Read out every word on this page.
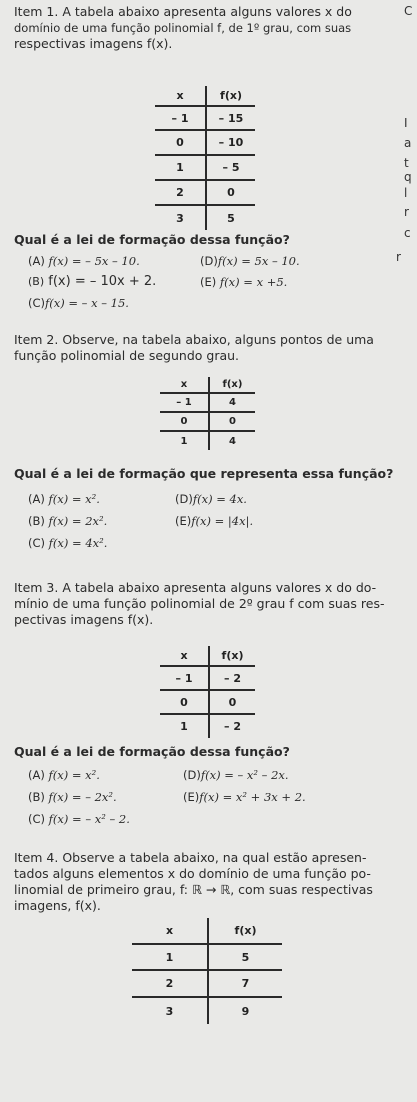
Item 1. A tabela abaixo apresenta alguns valores x do
domínio de uma função polinomial f, de 1º grau, com suas
respectivas imagens f(x).
x	f(x)
– 1	– 15
0	– 10
1	– 5
2	0
3	5
Qual é a lei de formação dessa função?
(A) f(x) = – 5x – 10.
(B) f(x) = – 10x + 2.
(C)f(x) = – x – 15.
(D)f(x) = 5x – 10.
(E) f(x) = x +5.
Item 2. Observe, na tabela abaixo, alguns pontos de uma
função polinomial de segundo grau.
x	f(x)
– 1	4
0	0
1	4
Qual é a lei de formação que representa essa função?
(A) f(x) = x².
(B) f(x) = 2x².
(C) f(x) = 4x².
(D)f(x) = 4x.
(E)f(x) = |4x|.
Item 3. A tabela abaixo apresenta alguns valores x do do-
mínio de uma função polinomial de 2º grau f com suas res-
pectivas imagens f(x).
x	f(x)
– 1	– 2
0	0
1	– 2
Qual é a lei de formação dessa função?
(A) f(x) = x².
(B) f(x) = – 2x².
(C) f(x) = – x² – 2.
(D)f(x) = – x² – 2x.
(E)f(x) = x² + 3x + 2.
Item 4. Observe a tabela abaixo, na qual estão apresen-
tados alguns elementos x do domínio de uma função po-
linomial de primeiro grau, f: ℝ → ℝ, com suas respectivas
imagens, f(x).
x	f(x)
1	5
2	7
3	9
C
I
a
t
q
l
r
c
r
